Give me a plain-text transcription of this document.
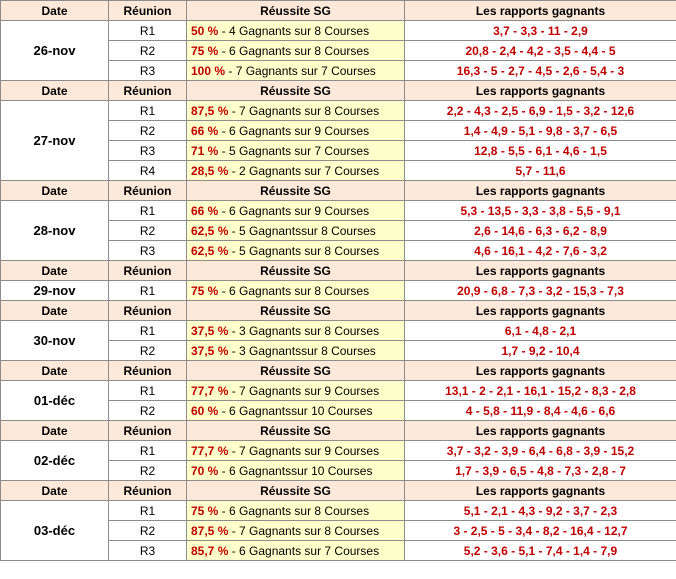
Date	Réunion	Réussite SG	Les rapports gagnants
26-nov	R1	50 % - 4 Gagnants sur 8 Courses	3,7 - 3,3 - 11 - 2,9
	R2	75 % - 6 Gagnants sur 8 Courses	20,8 - 2,4 - 4,2 - 3,5 - 4,4 - 5
	R3	100 % - 7 Gagnants sur 7 Courses	16,3 - 5 - 2,7 - 4,5 - 2,6 - 5,4 - 3
Date	Réunion	Réussite SG	Les rapports gagnants
27-nov	R1	87,5 % - 7 Gagnants sur 8 Courses	2,2 - 4,3 - 2,5 - 6,9 - 1,5 - 3,2 - 12,6
	R2	66 % - 6 Gagnants sur 9 Courses	1,4 - 4,9 - 5,1 - 9,8 - 3,7 - 6,5
	R3	71 % - 5 Gagnants sur 7 Courses	12,8 - 5,5 - 6,1 - 4,6 - 1,5
	R4	28,5 % - 2 Gagnants sur 7 Courses	5,7 - 11,6
Date	Réunion	Réussite SG	Les rapports gagnants
28-nov	R1	66 % - 6 Gagnants sur 9 Courses	5,3 - 13,5 - 3,3 - 3,8 - 5,5 - 9,1
	R2	62,5 % - 5 Gagnantssur 8 Courses	2,6 - 14,6 - 6,3 - 6,2 - 8,9
	R3	62,5 % - 5 Gagnants sur 8 Courses	4,6 - 16,1 - 4,2 - 7,6 - 3,2
Date	Réunion	Réussite SG	Les rapports gagnants
29-nov	R1	75 % - 6 Gagnants sur 8 Courses	20,9 - 6,8 - 7,3 - 3,2 - 15,3 - 7,3
Date	Réunion	Réussite SG	Les rapports gagnants
30-nov	R1	37,5 % - 3 Gagnants sur 8 Courses	6,1 - 4,8 - 2,1
	R2	37,5 % - 3 Gagnantssur 8 Courses	1,7 - 9,2 - 10,4
Date	Réunion	Réussite SG	Les rapports gagnants
01-déc	R1	77,7 % - 7 Gagnants sur 9 Courses	13,1 - 2 - 2,1 - 16,1 - 15,2 - 8,3 - 2,8
	R2	60 % - 6 Gagnantssur 10 Courses	4 - 5,8 - 11,9 - 8,4 - 4,6 - 6,6
Date	Réunion	Réussite SG	Les rapports gagnants
02-déc	R1	77,7 % - 7 Gagnants sur 9 Courses	3,7 - 3,2 - 3,9 - 6,4 - 6,8 - 3,9 - 15,2
	R2	70 % - 6 Gagnantssur 10 Courses	1,7 - 3,9 - 6,5 - 4,8 - 7,3 - 2,8 - 7
Date	Réunion	Réussite SG	Les rapports gagnants
03-déc	R1	75 % - 6 Gagnants sur 8 Courses	5,1 - 2,1 - 4,3 - 9,2 - 3,7 - 2,3
	R2	87,5 % - 7 Gagnants sur 8 Courses	3 - 2,5 - 5 - 3,4 - 8,2 - 16,4 - 12,7
	R3	85,7 % - 6 Gagnants sur 7 Courses	5,2 - 3,6 - 5,1 - 7,4 - 1,4 - 7,9
